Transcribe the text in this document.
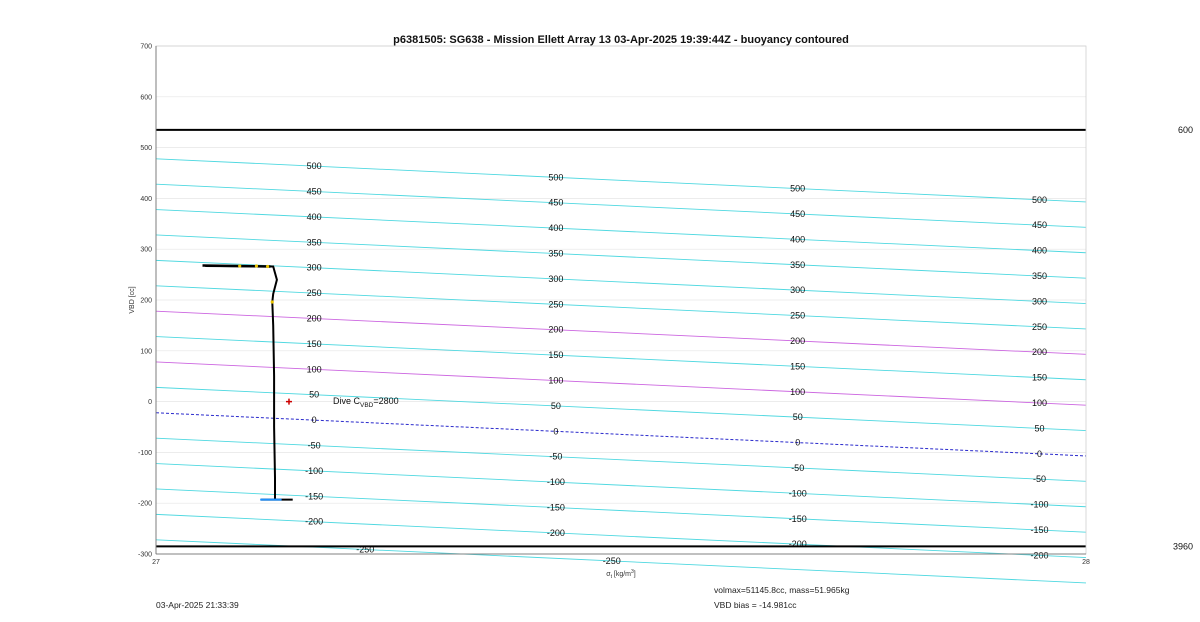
-200
-150
-100
-50
0
50
100
150
200
250
300
350
400
450
500
-200
-150
-100
-50
0
50
100
150
200
250
300
350
400
450
500
-200
-150
-100
-50
0
50
100
150
200
250
300
350
400
450
500
-200
-150
-100
-50
0
50
100
150
200
250
300
350
400
450
500
-250
-250
-300
-200
-100
0
100
200
300
400
500
600
700
27	28
600
3960
p6381505: SG638 - Mission Ellett Array 13 03-Apr-2025 19:39:44Z - buoyancy contoured
VBD [cc]
$\sigma_t$ $[kg/m^3]$
Dive $C_{VBD}=2800$
03-Apr-2025 21:33:39
volmax=51145.8cc, mass=51.965kg
VBD bias = -14.981cc
